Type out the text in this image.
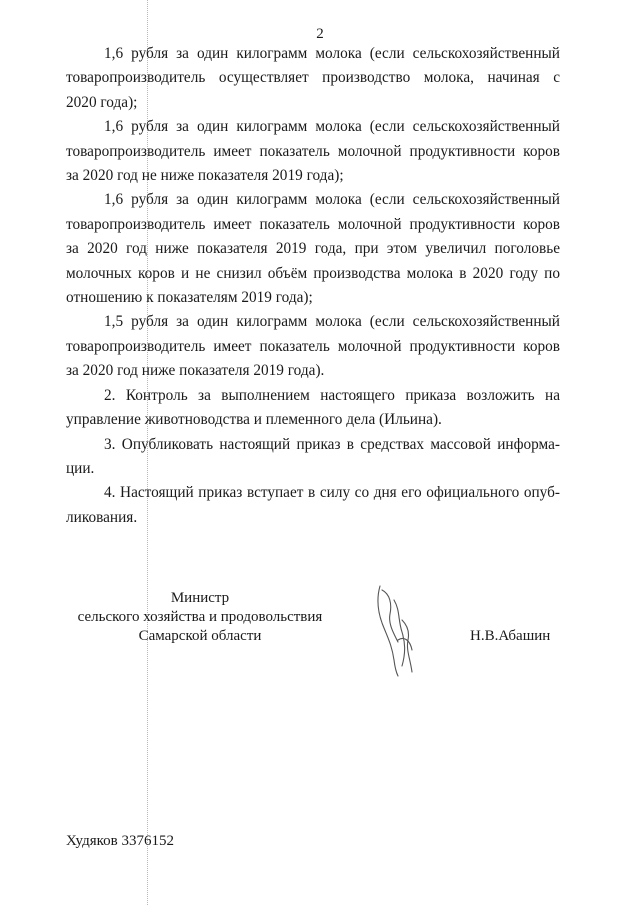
2
1,6 рубля за один килограмм молока (если сельскохозяйственный
товаропроизводитель осуществляет производство молока, начиная с
2020 года);
1,6 рубля за один килограмм молока (если сельскохозяйственный
товаропроизводитель имеет показатель молочной продуктивности коров
за 2020 год не ниже показателя 2019 года);
1,6 рубля за один килограмм молока (если сельскохозяйственный
товаропроизводитель имеет показатель молочной продуктивности коров
за 2020 год ниже показателя 2019 года, при этом увеличил поголовье
молочных коров и не снизил объём производства молока в 2020 году по
отношению к показателям 2019 года);
1,5 рубля за один килограмм молока (если сельскохозяйственный
товаропроизводитель имеет показатель молочной продуктивности коров
за 2020 год ниже показателя 2019 года).
2. Контроль за выполнением настоящего приказа возложить на
управление животноводства и племенного дела (Ильина).
3. Опубликовать настоящий приказ в средствах массовой информа-
ции.
4. Настоящий приказ вступает в силу со дня его официального опуб-
ликования.
Министр
сельского хозяйства и продовольствия
Самарской области	Н.В.Абашин
Худяков 3376152
